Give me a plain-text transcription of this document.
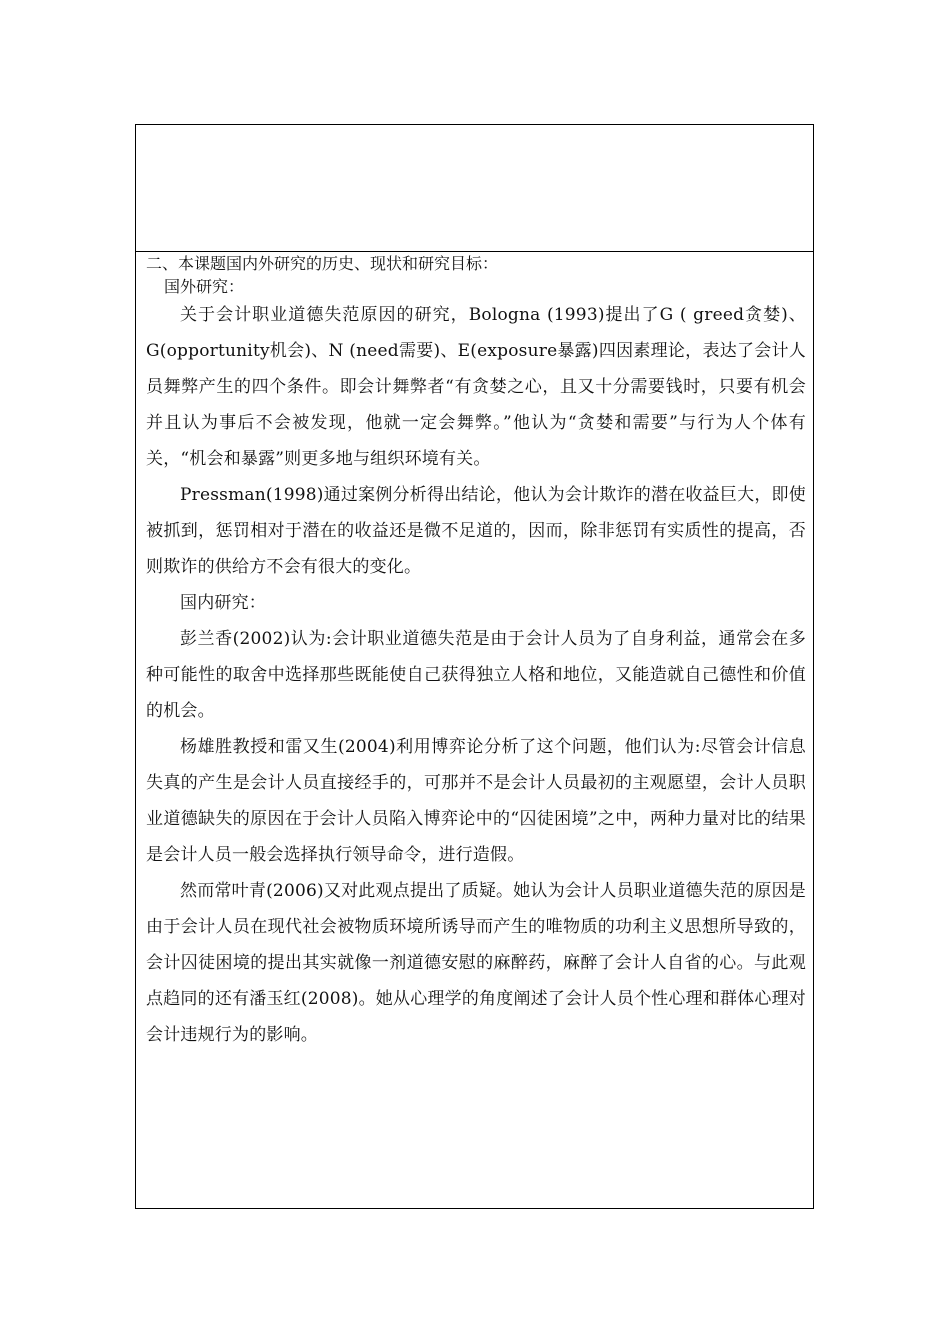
二、本课题国内外研究的历史、现状和研究目标：
国外研究：

关于会计职业道德失范原因的研究，Bologna (1993)提出了G ( greed贪婪)、G(opportunity机会)、N (need需要)、E(exposure暴露)四因素理论，表达了会计人员舞弊产生的四个条件。即会计舞弊者“有贪婪之心，且又十分需要钱时，只要有机会并且认为事后不会被发现，他就一定会舞弊。”他认为“贪婪和需要”与行为人个体有关，“机会和暴露”则更多地与组织环境有关。

Pressman(1998)通过案例分析得出结论，他认为会计欺诈的潜在收益巨大，即使被抓到，惩罚相对于潜在的收益还是微不足道的，因而，除非惩罚有实质性的提高，否则欺诈的供给方不会有很大的变化。

国内研究：

彭兰香(2002)认为:会计职业道德失范是由于会计人员为了自身利益，通常会在多种可能性的取舍中选择那些既能使自己获得独立人格和地位，又能造就自己德性和价值的机会。

杨雄胜教授和雷又生(2004)利用博弈论分析了这个问题，他们认为:尽管会计信息失真的产生是会计人员直接经手的，可那并不是会计人员最初的主观愿望，会计人员职业道德缺失的原因在于会计人员陷入博弈论中的“囚徒困境”之中，两种力量对比的结果是会计人员一般会选择执行领导命令，进行造假。

然而常叶青(2006)又对此观点提出了质疑。她认为会计人员职业道德失范的原因是由于会计人员在现代社会被物质环境所诱导而产生的唯物质的功利主义思想所导致的，会计囚徒困境的提出其实就像一剂道德安慰的麻醉药，麻醉了会计人自省的心。与此观点趋同的还有潘玉红(2008)。她从心理学的角度阐述了会计人员个性心理和群体心理对会计违规行为的影响。
